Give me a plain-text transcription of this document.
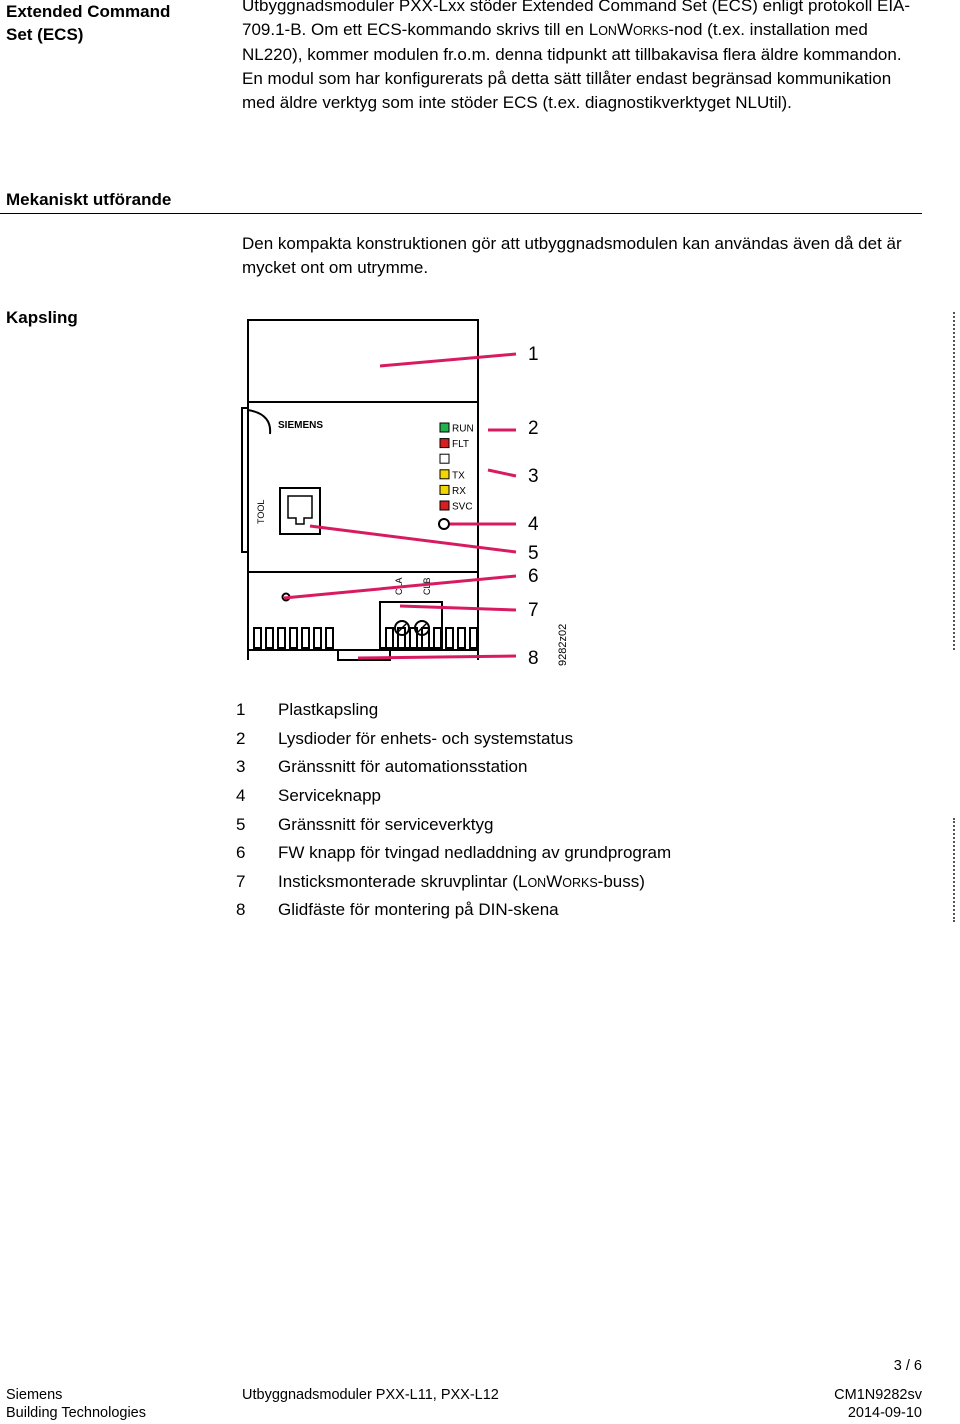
Extended Command
Set (ECS)

Utbyggnadsmoduler PXX-Lxx stöder Extended Command Set (ECS) enligt protokoll EIA-709.1-B. Om ett ECS-kommando skrivs till en LONWORKS-nod (t.ex. installation med NL220), kommer modulen fr.o.m. denna tidpunkt att tillbakavisa flera äldre kommandon. En modul som har konfigurerats på detta sätt tillåter endast begränsad kommunikation med äldre verktyg som inte stöder ECS (t.ex. diagnostikverktyget NLUtil).

Mekaniskt utförande

Den kompakta konstruktionen gör att utbyggnadsmodulen kan användas även då det är mycket ont om utrymme.

Kapsling
SIEMENS
TOOL
CLA CLB
RUN
FLT
TX
RX
SVC
1
2
3
4
5
6
7
8 9282z02
1	Plastkapsling
2	Lysdioder för enhets- och systemstatus
3	Gränssnitt för automationsstation
4	Serviceknapp
5	Gränssnitt för serviceverktyg
6	FW knapp för tvingad nedladdning av grundprogram
7	Insticksmonterade skruvplintar (LONWORKS-buss)
8	Glidfäste för montering på DIN-skena
3 / 6
Siemens
Building Technologies
Utbyggnadsmoduler PXX-L11, PXX-L12	CM1N9282sv
2014-09-10
